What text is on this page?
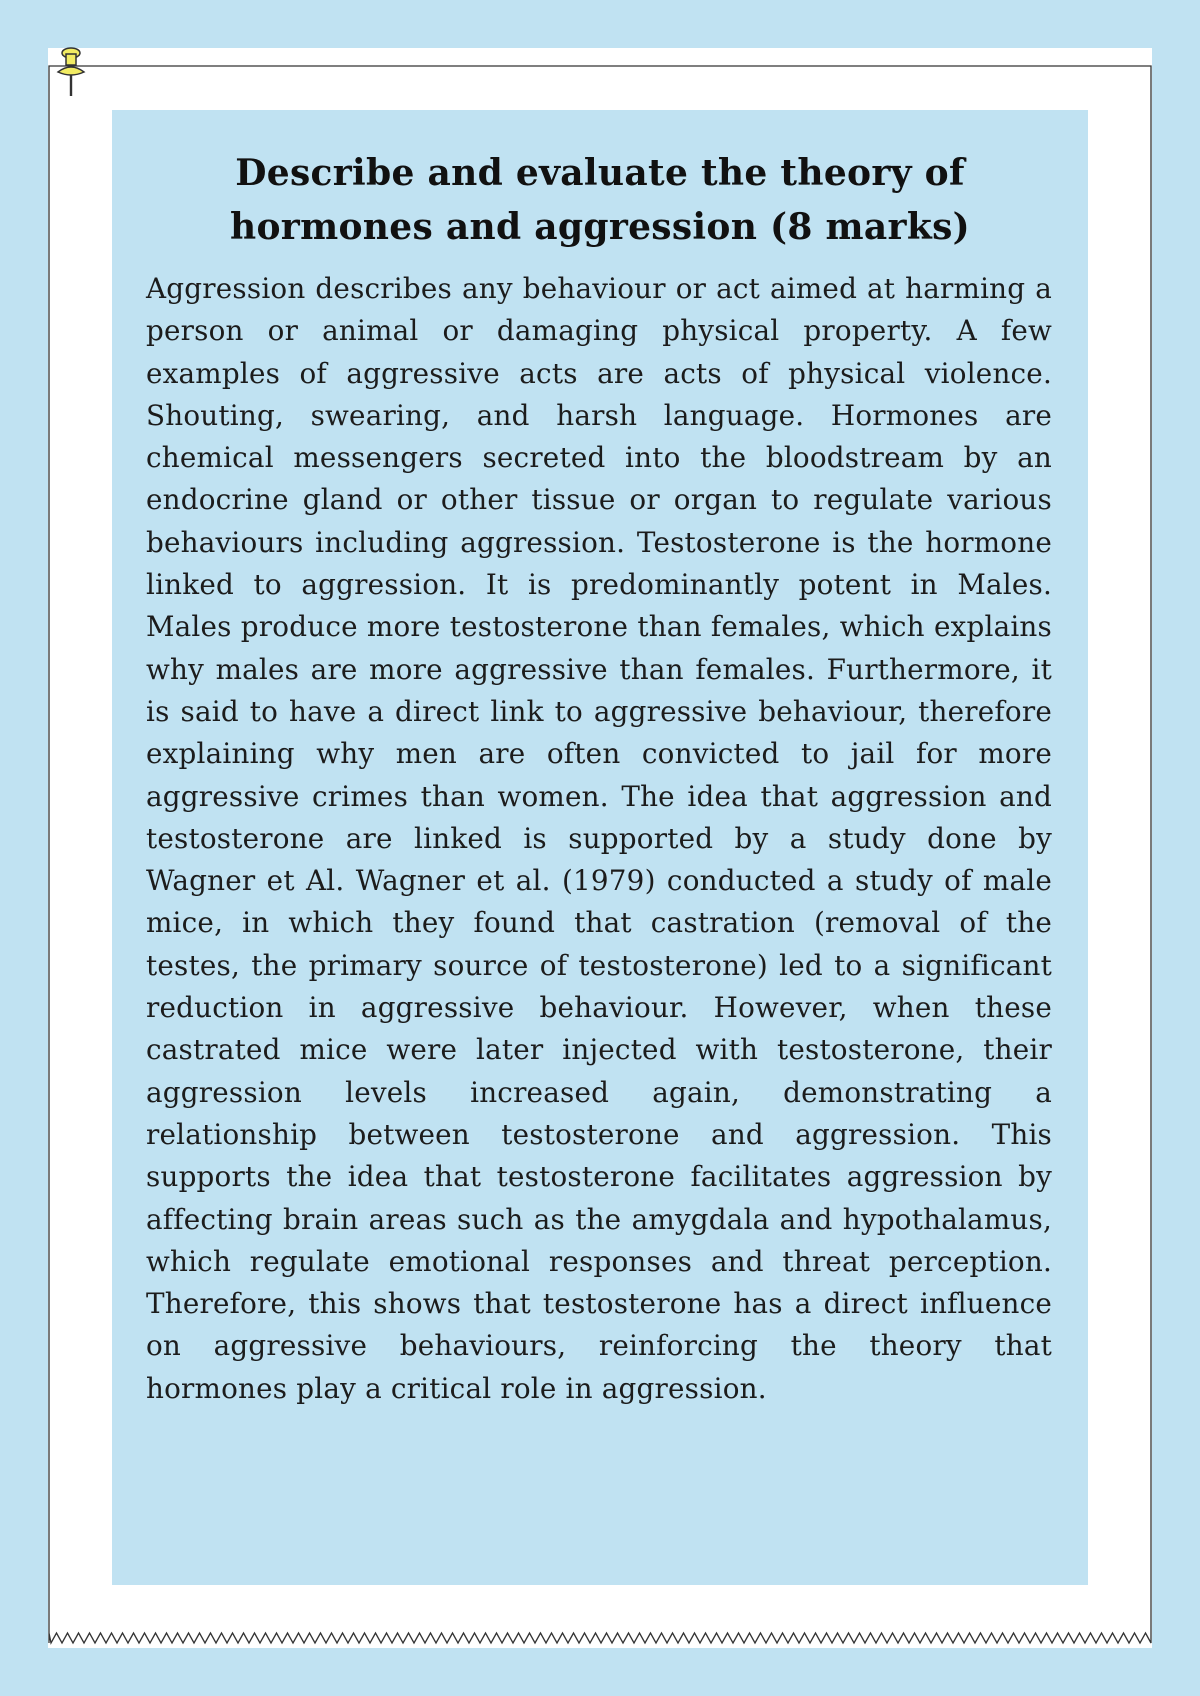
Describe and evaluate the theory of hormones and aggression (8 marks)

Aggression describes any behaviour or act aimed at harming a person or animal or damaging physical property. A few examples of aggressive acts are acts of physical violence. Shouting, swearing, and harsh language. Hormones are chemical messengers secreted into the bloodstream by an endocrine gland or other tissue or organ to regulate various behaviours including aggression. Testosterone is the hormone linked to aggression. It is predominantly potent in Males. Males produce more testosterone than females, which explains why males are more aggressive than females. Furthermore, it is said to have a direct link to aggressive behaviour, therefore explaining why men are often convicted to jail for more aggressive crimes than women. The idea that aggression and testosterone are linked is supported by a study done by Wagner et Al. Wagner et al. (1979) conducted a study of male mice, in which they found that castration (removal of the testes, the primary source of testosterone) led to a significant reduction in aggressive behaviour. However, when these castrated mice were later injected with testosterone, their aggression levels increased again, demonstrating a relationship between testosterone and aggression. This supports the idea that testosterone facilitates aggression by affecting brain areas such as the amygdala and hypothalamus, which regulate emotional responses and threat perception. Therefore, this shows that testosterone has a direct influence on aggressive behaviours, reinforcing the theory that hormones play a critical role in aggression.
